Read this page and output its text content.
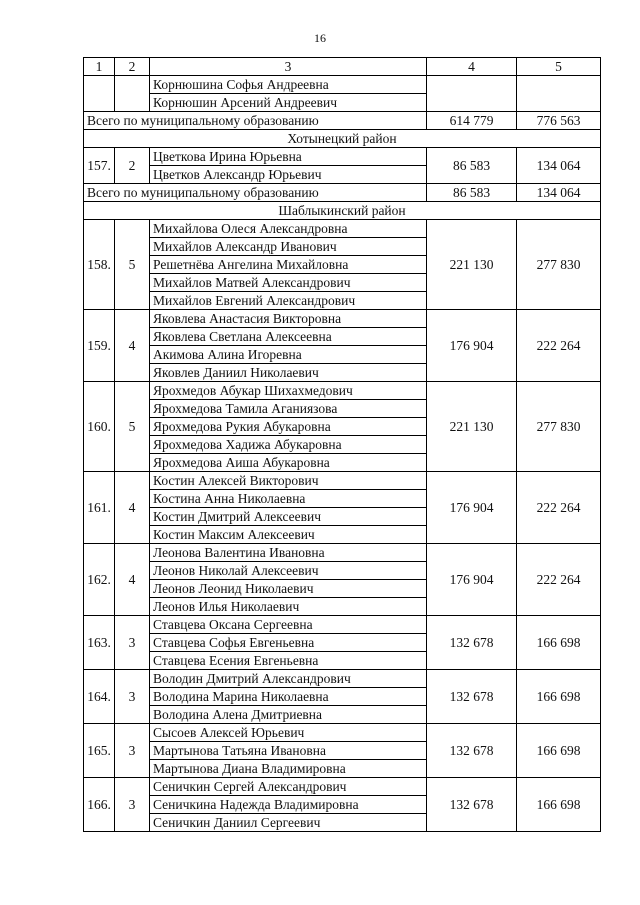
16
1	2	3	4	5
		Корнюшина Софья Андреевна		
		Корнюшин Арсений Андреевич		
Всего по муниципальному образованию			614 779	776 563
Хотынецкий район				
157.	2	Цветкова Ирина Юрьевна	86 583	134 064
		Цветков Александр Юрьевич		
Всего по муниципальному образованию			86 583	134 064
Шаблыкинский район				
158.	5	Михайлова Олеся Александровна	221 130	277 830
		Михайлов Александр Иванович		
		Решетнёва Ангелина Михайловна		
		Михайлов Матвей Александрович		
		Михайлов Евгений Александрович		
159.	4	Яковлева Анастасия Викторовна	176 904	222 264
		Яковлева Светлана Алексеевна		
		Акимова Алина Игоревна		
		Яковлев Даниил Николаевич		
160.	5	Ярохмедов Абукар Шихахмедович	221 130	277 830
		Ярохмедова Тамила Аганиязова		
		Ярохмедова Рукия Абукаровна		
		Ярохмедова Хадижа Абукаровна		
		Ярохмедова Аиша Абукаровна		
161.	4	Костин Алексей Викторович	176 904	222 264
		Костина Анна Николаевна		
		Костин Дмитрий Алексеевич		
		Костин Максим Алексеевич		
162.	4	Леонова Валентина Ивановна	176 904	222 264
		Леонов Николай Алексеевич		
		Леонов Леонид Николаевич		
		Леонов Илья Николаевич		
163.	3	Ставцева Оксана Сергеевна	132 678	166 698
		Ставцева Софья Евгеньевна		
		Ставцева Есения Евгеньевна		
164.	3	Володин Дмитрий Александрович	132 678	166 698
		Володина Марина Николаевна		
		Володина Алена Дмитриевна		
165.	3	Сысоев Алексей Юрьевич	132 678	166 698
		Мартынова Татьяна Ивановна		
		Мартынова Диана Владимировна		
166.	3	Сеничкин Сергей Александрович	132 678	166 698
		Сеничкина Надежда Владимировна		
		Сеничкин Даниил Сергеевич		
